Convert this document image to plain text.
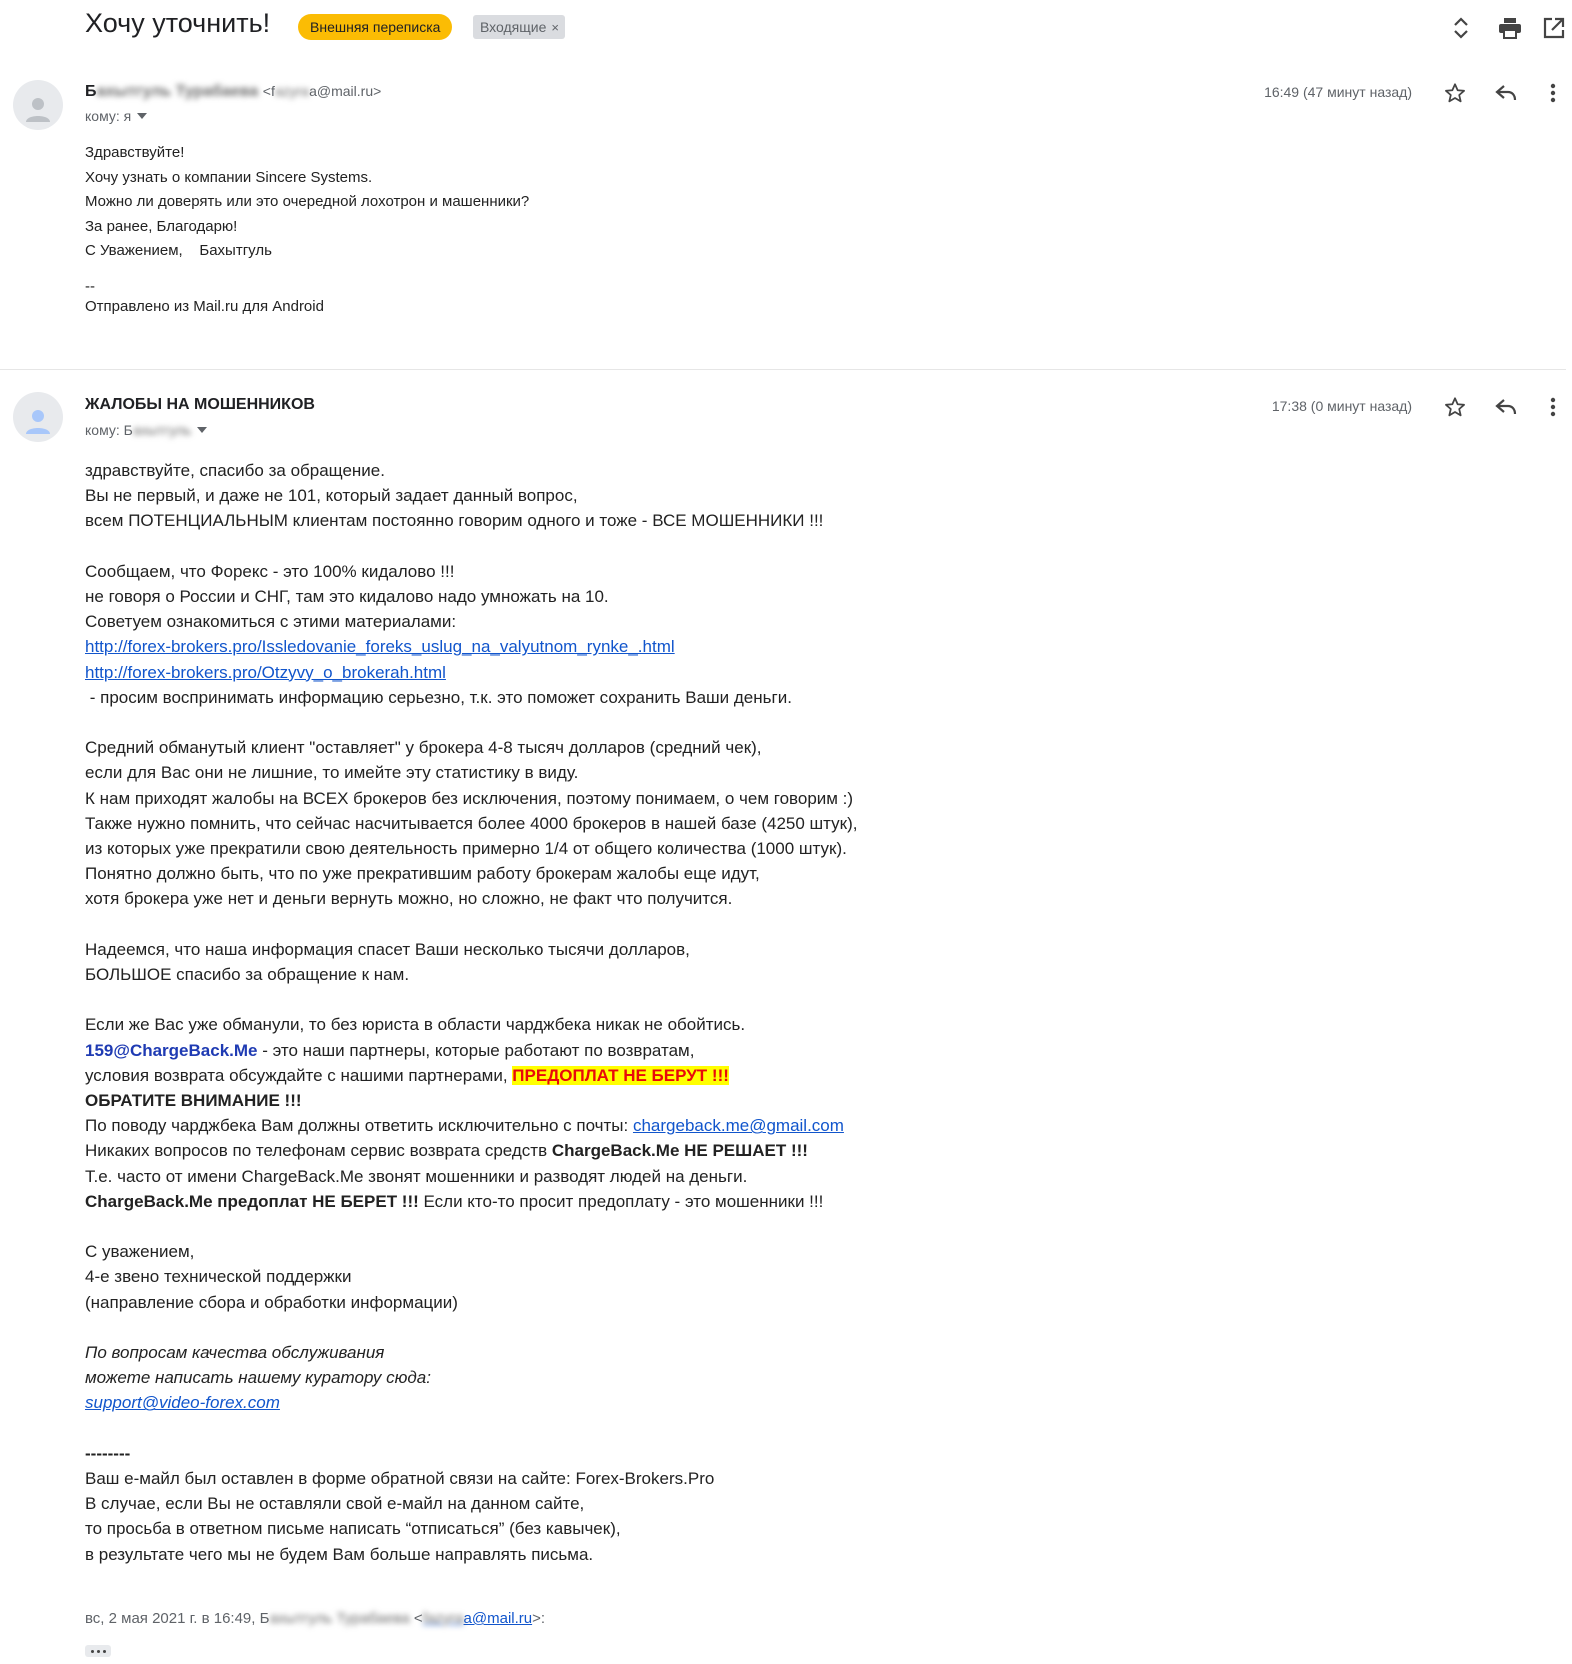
Хочу уточнить!	Внешняя переписка	Входящие ×
Бахытгуль Турабаева <fazyraa@mail.ru>
кому: я
16:49 (47 минут назад)
Здравствуйте!
Хочу узнать о компании Sincere Systems.
Можно ли доверять или это очередной лохотрон и машенники?
За ранее, Благодарю!
С Уважением,    Бахытгуль
--
Отправлено из Mail.ru для Android
ЖАЛОБЫ НА МОШЕННИКОВ
кому: Бахытгуль
17:38 (0 минут назад)

здравствуйте, спасибо за обращение.

Вы не первый, и даже не 101, который задает данный вопрос,

всем ПОТЕНЦИАЛЬНЫМ клиентам постоянно говорим одного и тоже - ВСЕ МОШЕННИКИ !!!

Сообщаем, что Форекс - это 100% кидалово !!!

не говоря о России и СНГ, там это кидалово надо умножать на 10.

Советуем ознакомиться с этими материалами:

http://forex-brokers.pro/Issledovanie_foreks_uslug_na_valyutnom_rynke_.html

http://forex-brokers.pro/Otzyvy_o_brokerah.html

- просим воспринимать информацию серьезно, т.к. это поможет сохранить Ваши деньги.

Средний обманутый клиент "оставляет" у брокера 4-8 тысяч долларов (средний чек),

если для Вас они не лишние, то имейте эту статистику в виду.

К нам приходят жалобы на ВСЕХ брокеров без исключения, поэтому понимаем, о чем говорим :)

Также нужно помнить, что сейчас насчитывается более 4000 брокеров в нашей базе (4250 штук),

из которых уже прекратили свою деятельность примерно 1/4 от общего количества (1000 штук).

Понятно должно быть, что по уже прекратившим работу брокерам жалобы еще идут,

хотя брокера уже нет и деньги вернуть можно, но сложно, не факт что получится.

Надеемся, что наша информация спасет Ваши несколько тысячи долларов,

БОЛЬШОЕ спасибо за обращение к нам.

Если же Вас уже обманули, то без юриста в области чарджбека никак не обойтись.

159@ChargeBack.Me - это наши партнеры, которые работают по возвратам,

условия возврата обсуждайте с нашими партнерами, ПРЕДОПЛАТ НЕ БЕРУТ !!!

ОБРАТИТЕ ВНИМАНИЕ !!!

По поводу чарджбека Вам должны ответить исключительно с почты: chargeback.me@gmail.com

Никаких вопросов по телефонам сервис возврата средств ChargeBack.Me НЕ РЕШАЕТ !!!

Т.е. часто от имени ChargeBack.Me звонят мошенники и разводят людей на деньги.

ChargeBack.Me предоплат НЕ БЕРЕТ !!! Если кто-то просит предоплату - это мошенники !!!

С уважением,

4-е звено технической поддержки

(направление сбора и обработки информации)

По вопросам качества обслуживания

можете написать нашему куратору сюда:

support@video-forex.com

--------

Ваш е-майл был оставлен в форме обратной связи на сайте: Forex-Brokers.Pro

В случае, если Вы не оставляли свой е-майл на данном сайте,

то просьба в ответном письме написать “отписаться” (без кавычек),

в результате чего мы не будем Вам больше направлять письма.

вс, 2 мая 2021 г. в 16:49, Бахытгуль Турабаева <fazyraa@mail.ru>:
